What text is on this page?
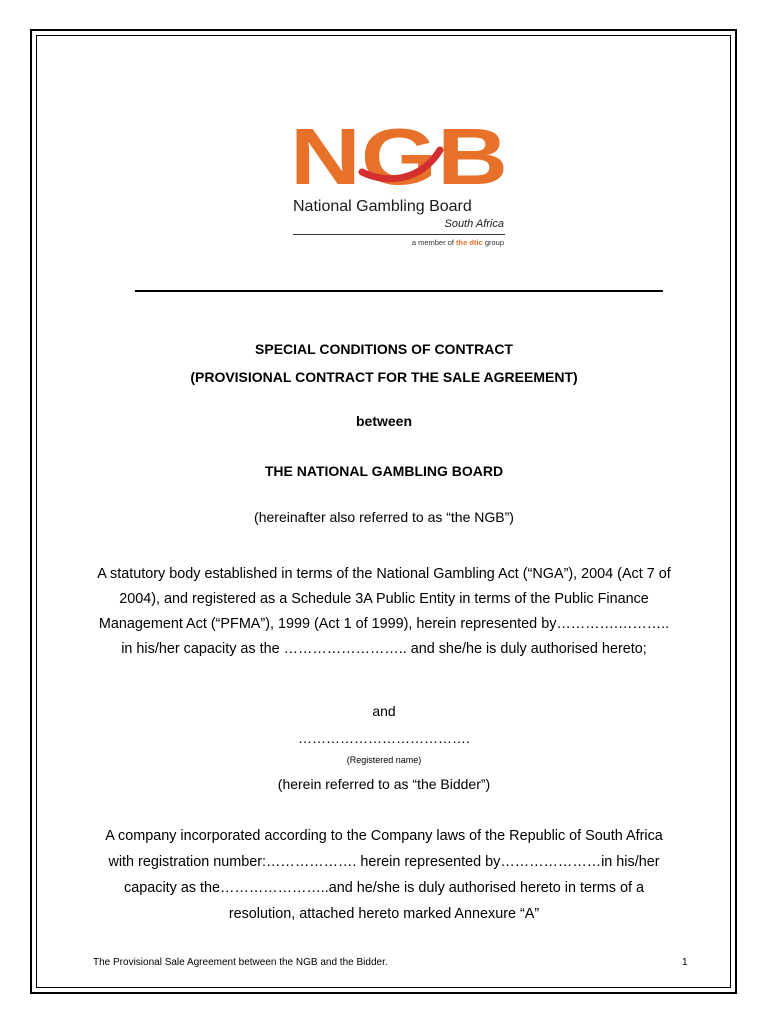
NGB
National Gambling Board
South Africa
a member of the dtic group
SPECIAL CONDITIONS OF CONTRACT
(PROVISIONAL CONTRACT FOR THE SALE AGREEMENT)
between
THE NATIONAL GAMBLING BOARD
(hereinafter also referred to as “the NGB”)
A statutory body established in terms of the National Gambling Act (“NGA”), 2004 (Act 7 of
2004), and registered as a Schedule 3A Public Entity in terms of the Public Finance
Management Act (“PFMA”), 1999 (Act 1 of 1999), herein represented by………….………..
in his/her capacity as the …………………….. and she/he is duly authorised hereto;
and
……………………………….
(Registered name)
(herein referred to as “the Bidder”)
A company incorporated according to the Company laws of the Republic of South Africa
with registration number:………………. herein represented by…………………in his/her
capacity as the…………………..and he/she is duly authorised hereto in terms of a
resolution, attached hereto marked Annexure “A”
The Provisional Sale Agreement between the NGB and the Bidder.	1
